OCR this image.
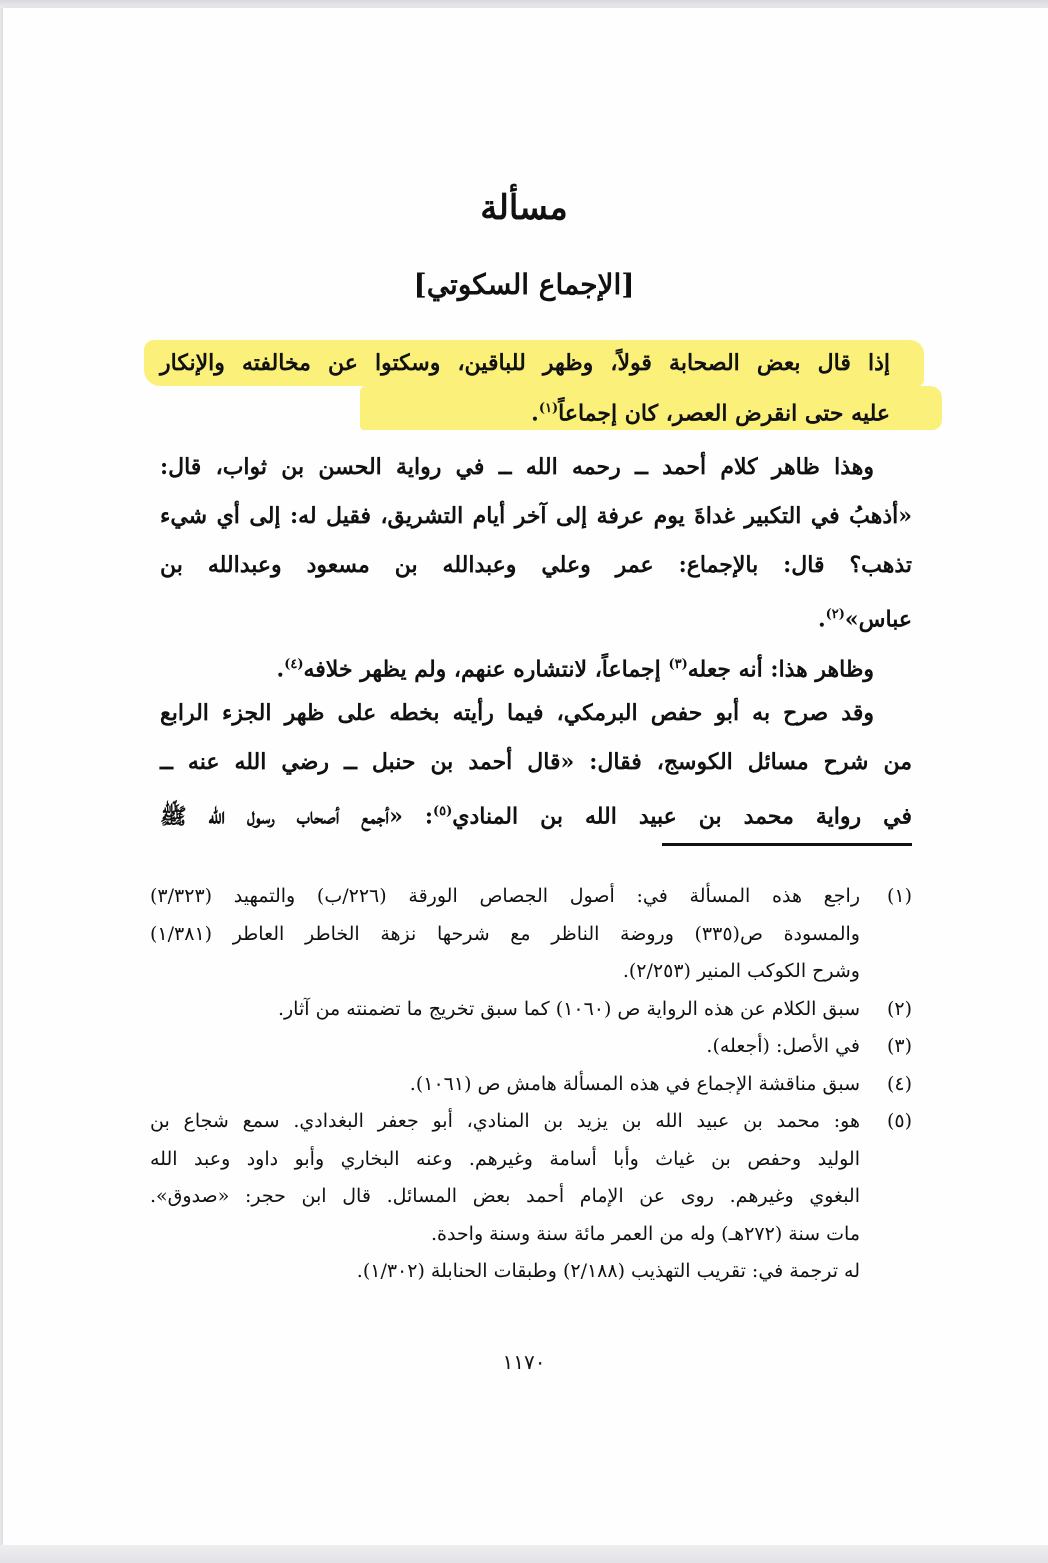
مسألة
[الإجماع السكوتي]
إذا قال بعض الصحابة قولاً، وظهر للباقين، وسكتوا عن مخالفته والإنكار
عليه حتى انقرض العصر، كان إجماعاً$^{(١)}$.
وهذا ظاهر كلام أحمد ــ رحمه الله ــ في رواية الحسن بن ثواب، قال:
«أذهبُ في التكبير غداةَ يوم عرفة إلى آخر أيام التشريق، فقيل له: إلى أي شيء
تذهب؟ قال: بالإجماع: عمر وعلي وعبدالله بن مسعود وعبدالله بن
عباس»$^{(٢)}$.
وظاهر هذا: أنه جعله$^{(٣)}$ إجماعاً، لانتشاره عنهم، ولم يظهر خلافه$^{(٤)}$.
وقد صرح به أبو حفص البرمكي، فيما رأيته بخطه على ظهر الجزء الرابع
من شرح مسائل الكوسج، فقال: «قال أحمد بن حنبل ــ رضي الله عنه ــ
في رواية محمد بن عبيد الله بن المنادي$^{(٥)}$: «أجمع أصحاب رسول الله ﷺ
(١)
راجع هذه المسألة في: أصول الجصاص الورقة (٢٢٦/ب) والتمهيد (٣/٣٢٣)
والمسودة ص(٣٣٥) وروضة الناظر مع شرحها نزهة الخاطر العاطر (١/٣٨١)
وشرح الكوكب المنير (٢/٢٥٣).
(٢)
سبق الكلام عن هذه الرواية ص (١٠٦٠) كما سبق تخريج ما تضمنته من آثار.
(٣)
في الأصل: (أجعله).
(٤)
سبق مناقشة الإجماع في هذه المسألة هامش ص (١٠٦١).
(٥)
هو: محمد بن عبيد الله بن يزيد بن المنادي، أبو جعفر البغدادي. سمع شجاع بن
الوليد وحفص بن غياث وأبا أسامة وغيرهم. وعنه البخاري وأبو داود وعبد الله
البغوي وغيرهم. روى عن الإمام أحمد بعض المسائل. قال ابن حجر: «صدوق».
مات سنة (٢٧٢هـ) وله من العمر مائة سنة وسنة واحدة.
له ترجمة في: تقريب التهذيب (٢/١٨٨) وطبقات الحنابلة (١/٣٠٢).
١١٧٠
